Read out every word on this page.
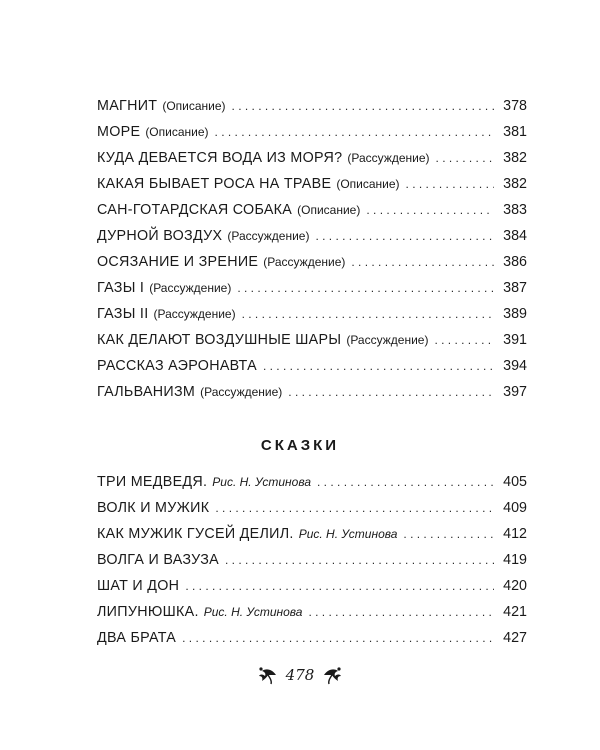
МАГНИТ (Описание) . . .	378
МОРЕ (Описание) . . .	381
КУДА ДЕВАЕТСЯ ВОДА ИЗ МОРЯ? (Рассуждение) . . .	382
КАКАЯ БЫВАЕТ РОСА НА ТРАВЕ (Описание) . . .	382
САН-ГОТАРДСКАЯ СОБАКА (Описание) . . .	383
ДУРНОЙ ВОЗДУХ (Рассуждение) . . .	384
ОСЯЗАНИЕ И ЗРЕНИЕ (Рассуждение) . . .	386
ГАЗЫ I (Рассуждение) . . .	387
ГАЗЫ II (Рассуждение) . . .	389
КАК ДЕЛАЮТ ВОЗДУШНЫЕ ШАРЫ (Рассуждение) . . .	391
РАССКАЗ АЭРОНАВТА . . .	394
ГАЛЬВАНИЗМ (Рассуждение) . . .	397
СКАЗКИ
ТРИ МЕДВЕДЯ. Рис. Н. Устинова . . .	405
ВОЛК И МУЖИК . . .	409
КАК МУЖИК ГУСЕЙ ДЕЛИЛ. Рис. Н. Устинова . . .	412
ВОЛГА И ВАЗУЗА . . .	419
ШАТ И ДОН . . .	420
ЛИПУНЮШКА. Рис. Н. Устинова . . .	421
ДВА БРАТА . . .	427
478
